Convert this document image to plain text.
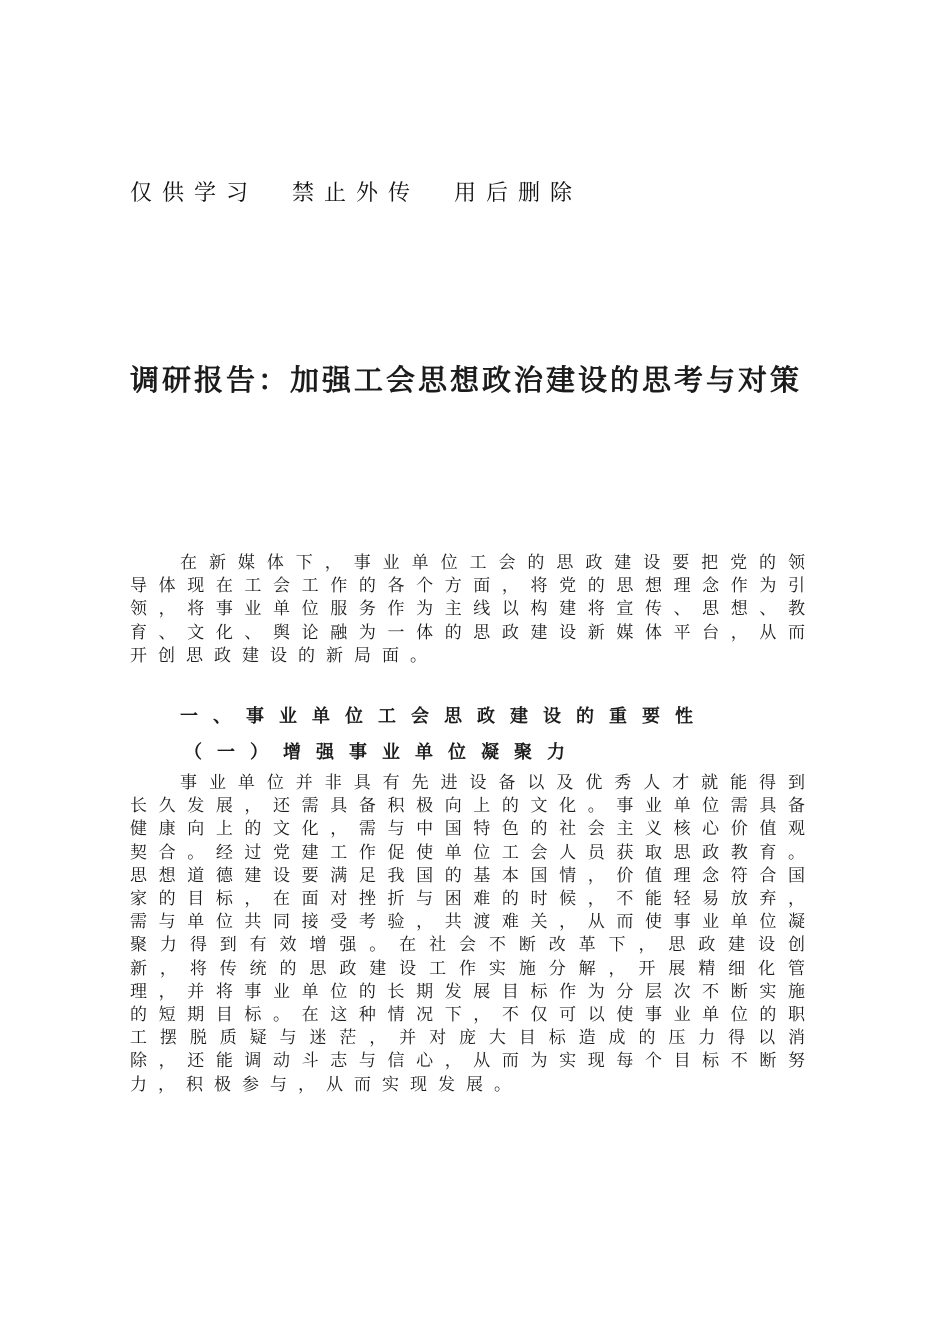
仅供学习  禁止外传  用后删除
调研报告：加强工会思想政治建设的思考与对策
在新媒体下，事业单位工会的思政建设要把党的领导体现在工会工作的各个方面，将党的思想理念作为引领，将事业单位服务作为主线以构建将宣传、思想、教育、文化、舆论融为一体的思政建设新媒体平台，从而开创思政建设的新局面。
一、事业单位工会思政建设的重要性
（一）增强事业单位凝聚力
事业单位并非具有先进设备以及优秀人才就能得到长久发展，还需具备积极向上的文化。事业单位需具备健康向上的文化，需与中国特色的社会主义核心价值观契合。经过党建工作促使单位工会人员获取思政教育。思想道德建设要满足我国的基本国情，价值理念符合国家的目标，在面对挫折与困难的时候，不能轻易放弃，需与单位共同接受考验，共渡难关，从而使事业单位凝聚力得到有效增强。在社会不断改革下，思政建设创新，将传统的思政建设工作实施分解，开展精细化管理，并将事业单位的长期发展目标作为分层次不断实施的短期目标。在这种情况下，不仅可以使事业单位的职工摆脱质疑与迷茫，并对庞大目标造成的压力得以消除，还能调动斗志与信心，从而为实现每个目标不断努力，积极参与，从而实现发展。
